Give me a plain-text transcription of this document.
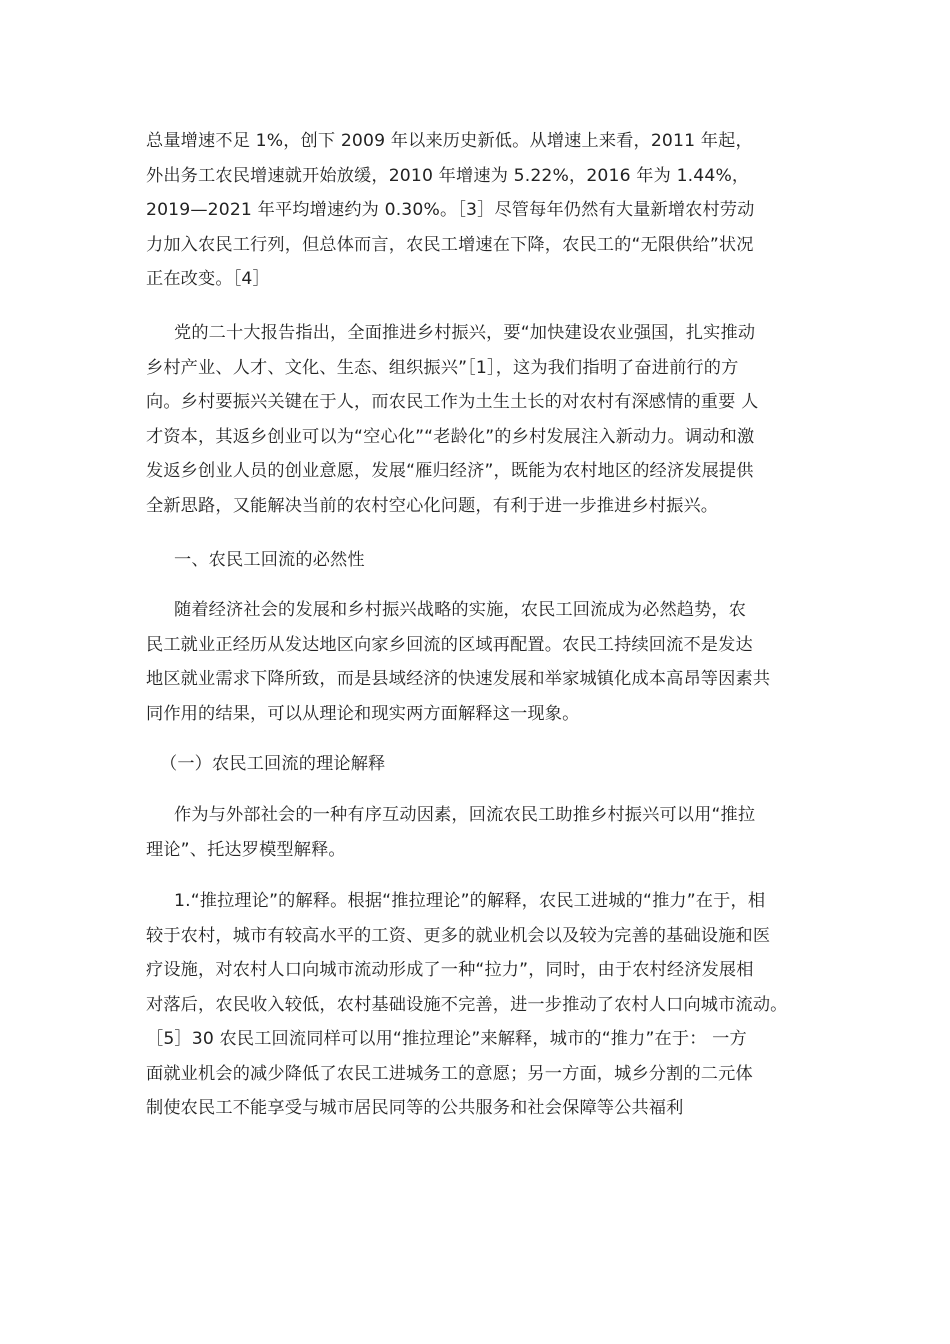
总量增速不足 1%，创下 2009 年以来历史新低。从增速上来看，2011 年起，
外出务工农民增速就开始放缓，2010 年增速为 5.22%，2016 年为 1.44%，
2019—2021 年平均增速约为 0.30%。［3］尽管每年仍然有大量新增农村劳动
力加入农民工行列，但总体而言，农民工增速在下降，农民工的“无限供给”状况
正在改变。［4］
党的二十大报告指出，全面推进乡村振兴，要“加快建设农业强国，扎实推动
乡村产业、人才、文化、生态、组织振兴”［1］，这为我们指明了奋进前行的方
向。乡村要振兴关键在于人，而农民工作为土生土长的对农村有深⁢感情的重要 人
才资本，其返乡创业可以为“空心化”“老龄化”的乡村发展注入新动力。调动和激
发返乡创业人员的创业意愿，发展“雁归经济”，既能为农村地区的经济发展提供
全新思路，又能解决当前的农村空心化问题，有利于进一步推进乡村振兴。
一、农民工回流的必然性
随着经济社会的发展和乡村振兴战略的实施，农民工回流成为必然趋势，农
民工就业正经历从发达地区向家乡回流的区域再配置。农民工持续回流不是发达
地区就业需求下降所致，而是县域经济的快速发展和举家城镇化成本高昂等因素共
同作用的结果，可以从理论和现实两方面解释这一现象。
（一）农民工回流的理论解释
作为与外部社会的一种有序互动因素，回流农民工助推乡村振兴可以用“推拉
理论”、托达罗模型解释。
1.“推拉理论”的解释。根据“推拉理论”的解释，农民工进城的“推力”在于，相
较于农村，城市有较高水平的工资、更多的就业机会以及较为完善的基础设施和医
疗设施，对农村人口向城市流动形成了一种“拉力”，同时，由于农村经济发展相
对落后，农民收入较低，农村基础设施不完善，进一步推动了农村人口向城市流动。
［5］30 农民工回流同样可以用“推拉理论”来解释，城市的“推力”在于： 一方
面就业机会的减少降低了农民工进城务工的意愿；另一方面，城乡分割的二元体
制使农民工不能享受与城市居民同等的公共服务和社会保障等公共福利
